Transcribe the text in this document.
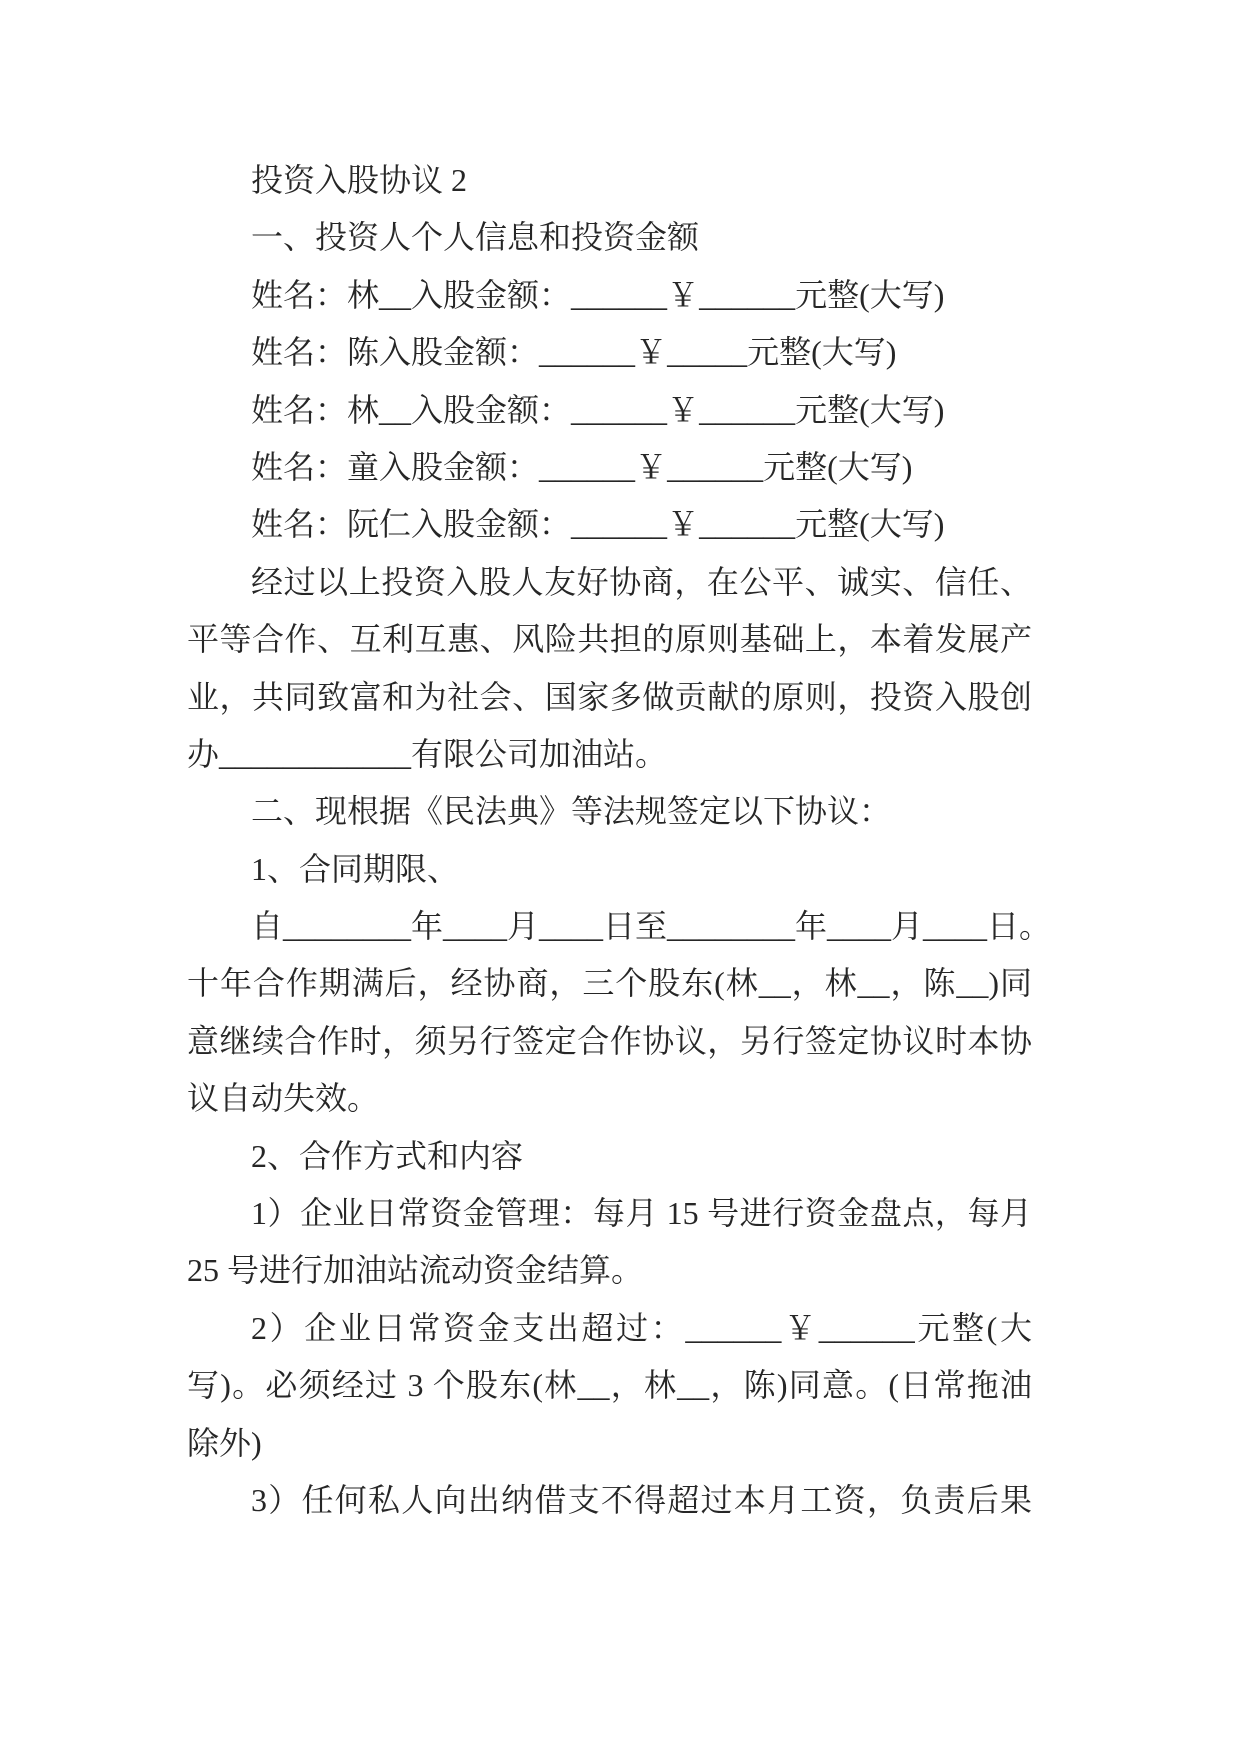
投资入股协议 2
一、投资人个人信息和投资金额
姓名：林__入股金额：______￥______元整(大写)
姓名：陈入股金额：______￥_____元整(大写)
姓名：林__入股金额：______￥______元整(大写)
姓名：童入股金额：______￥______元整(大写)
姓名：阮仁入股金额：______￥______元整(大写)
经过以上投资入股人友好协商，在公平、诚实、信任、
平等合作、互利互惠、风险共担的原则基础上，本着发展产
业，共同致富和为社会、国家多做贡献的原则，投资入股创
办____________有限公司加油站。
二、现根据《民法典》等法规签定以下协议：
1、合同期限、
自________年____月____日至________年____月____日。
十年合作期满后，经协商，三个股东(林__，林__，陈__)同
意继续合作时，须另行签定合作协议，另行签定协议时本协
议自动失效。
2、合作方式和内容
1）企业日常资金管理：每月 15 号进行资金盘点，每月
25 号进行加油站流动资金结算。
2）企业日常资金支出超过：______￥______元整(大
写)。必须经过 3 个股东(林__，林__，陈)同意。(日常拖油
除外)
3）任何私人向出纳借支不得超过本月工资，负责后果
